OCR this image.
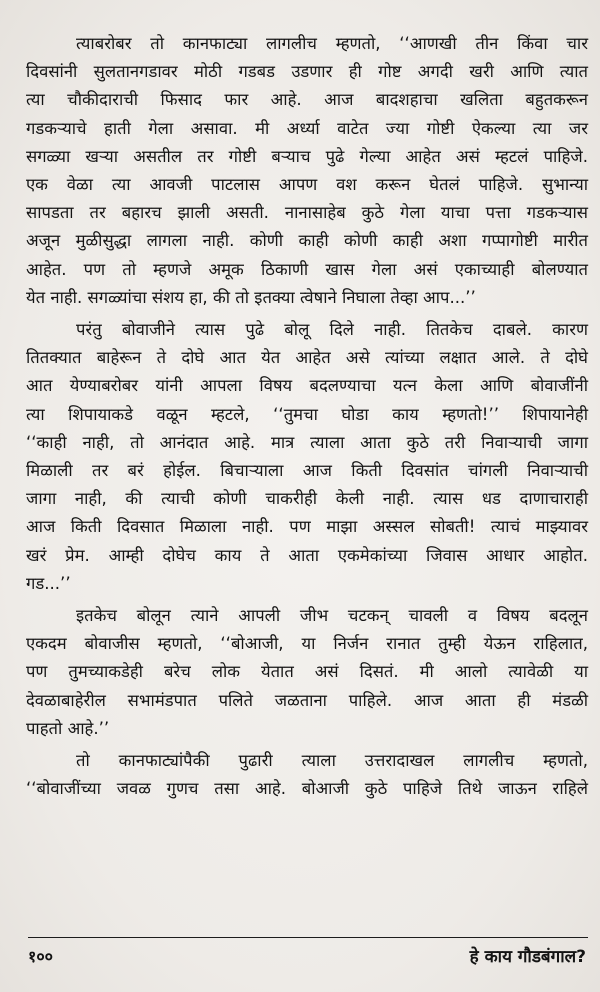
त्याबरोबर तो कानफाट्या लागलीच म्हणतो, ‘‘आणखी तीन किंवा चार
दिवसांनी सुलतानगडावर मोठी गडबड उडणार ही गोष्ट अगदी खरी आणि त्यात
त्या चौकीदाराची फिसाद फार आहे. आज बादशहाचा खलिता बहुतकरून
गडकऱ्याचे हाती गेला असावा. मी अर्ध्या वाटेत ज्या गोष्टी ऐकल्या त्या जर
सगळ्या खऱ्या असतील तर गोष्टी बऱ्याच पुढे गेल्या आहेत असं म्हटलं पाहिजे.
एक वेळा त्या आवजी पाटलास आपण वश करून घेतलं पाहिजे. सुभान्या
सापडता तर बहारच झाली असती. नानासाहेब कुठे गेला याचा पत्ता गडकऱ्यास
अजून मुळीसुद्धा लागला नाही. कोणी काही कोणी काही अशा गप्पागोष्टी मारीत
आहेत. पण तो म्हणजे अमूक ठिकाणी खास गेला असं एकाच्याही बोलण्यात
येत नाही. सगळ्यांचा संशय हा, की तो इतक्या त्वेषाने निघाला तेव्हा आप...’’
परंतु बोवाजीने त्यास पुढे बोलू दिले नाही. तितकेच दाबले. कारण
तितक्यात बाहेरून ते दोघे आत येत आहेत असे त्यांच्या लक्षात आले. ते दोघे
आत येण्याबरोबर यांनी आपला विषय बदलण्याचा यत्न केला आणि बोवाजींनी
त्या शिपायाकडे वळून म्हटले, ‘‘तुमचा घोडा काय म्हणतो!’’ शिपायानेही
‘‘काही नाही, तो आनंदात आहे. मात्र त्याला आता कुठे तरी निवाऱ्याची जागा
मिळाली तर बरं होईल. बिचाऱ्याला आज किती दिवसांत चांगली निवाऱ्याची
जागा नाही, की त्याची कोणी चाकरीही केली नाही. त्यास धड दाणाचाराही
आज किती दिवसात मिळाला नाही. पण माझा अस्सल सोबती! त्याचं माझ्यावर
खरं प्रेम. आम्ही दोघेच काय ते आता एकमेकांच्या जिवास आधार आहोत.
गड...’’
इतकेच बोलून त्याने आपली जीभ चटकन् चावली व विषय बदलून
एकदम बोवाजीस म्हणतो, ‘‘बोआजी, या निर्जन रानात तुम्ही येऊन राहिलात,
पण तुमच्याकडेही बरेच लोक येतात असं दिसतं. मी आलो त्यावेळी या
देवळाबाहेरील सभामंडपात पलिते जळताना पाहिले. आज आता ही मंडळी
पाहतो आहे.’’
तो कानफाट्यांपैकी पुढारी त्याला उत्तरादाखल लागलीच म्हणतो,
‘‘बोवाजींच्या जवळ गुणच तसा आहे. बोआजी कुठे पाहिजे तिथे जाऊन राहिले
१००	हे काय गौडबंगाल?
